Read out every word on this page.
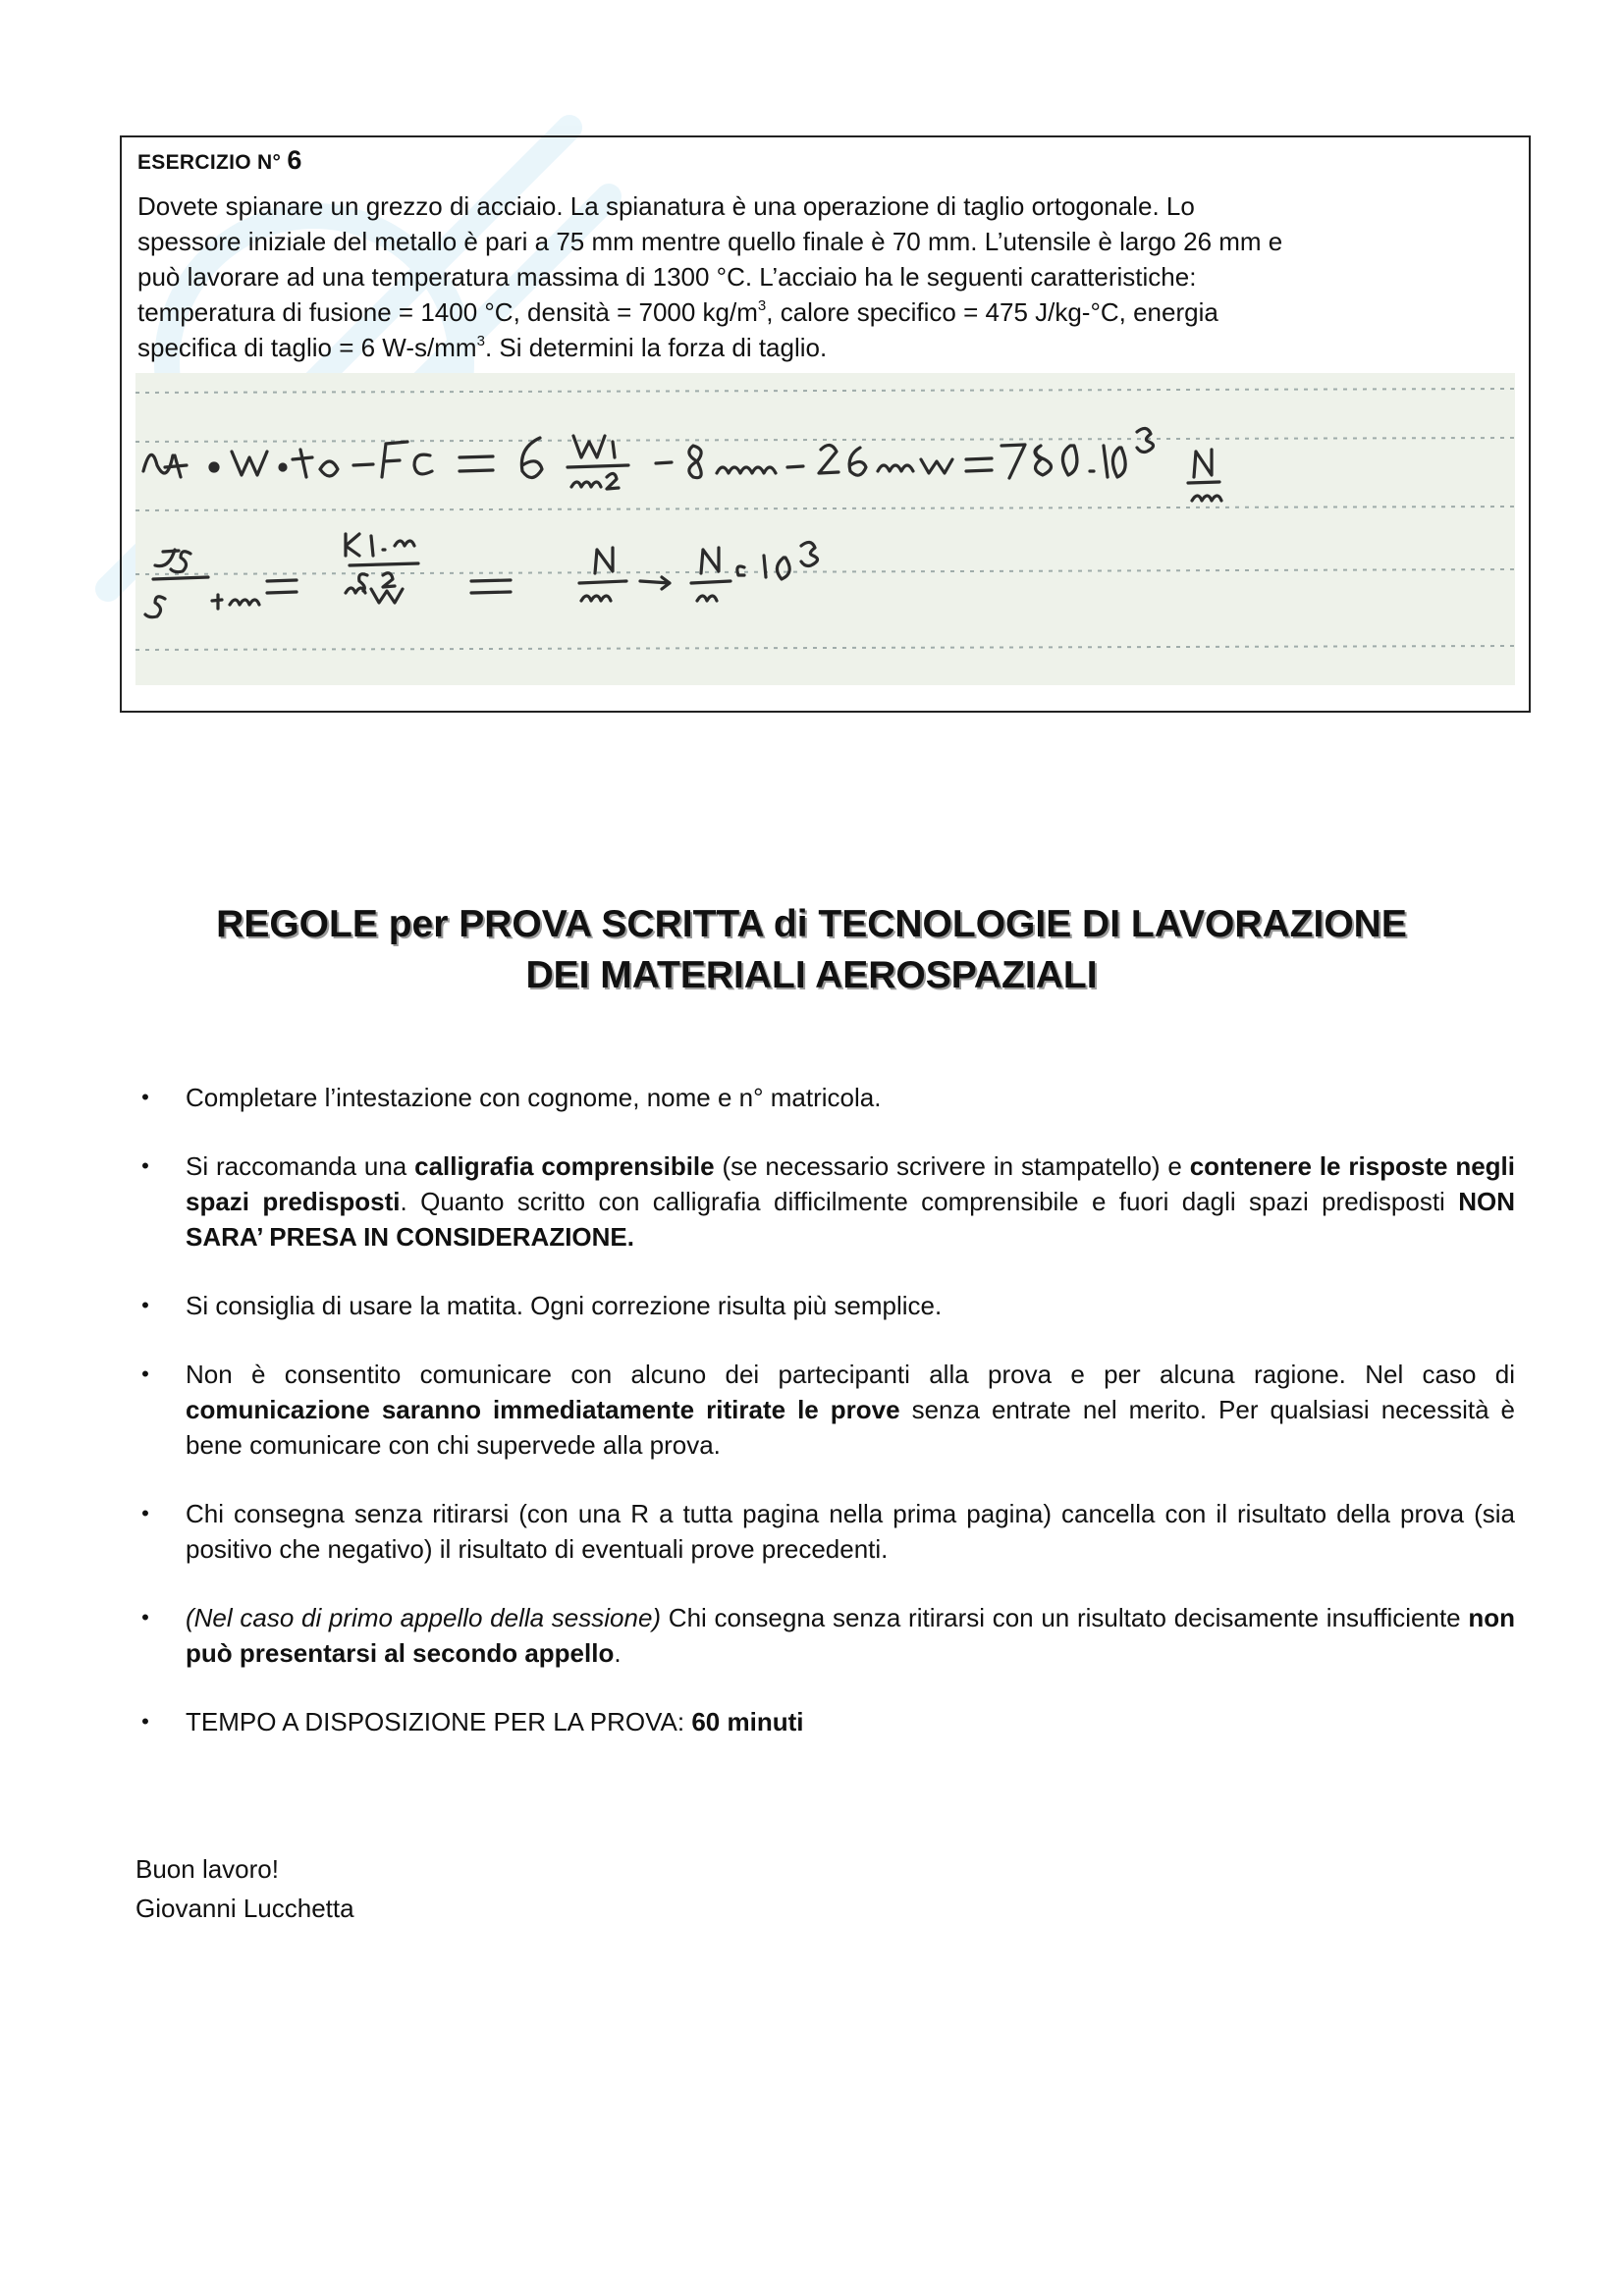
ESERCIZIO N° 6
Dovete spianare un grezzo di acciaio. La spianatura è una operazione di taglio ortogonale. Lo
spessore iniziale del metallo è pari a 75 mm mentre quello finale è 70 mm. L’utensile è largo 26 mm e
può lavorare ad una temperatura massima di 1300 °C. L’acciaio ha le seguenti caratteristiche:
temperatura di fusione = 1400 °C, densità = 7000 $kg/m^3$, calore specifico = 475 J/kg-°C, energia
specifica di taglio = 6 $W-s/mm^3$. Si determini la forza di taglio.
REGOLE per PROVA SCRITTA di TECNOLOGIE DI LAVORAZIONE
DEI MATERIALI AEROSPAZIALI
• Completare l’intestazione con cognome, nome e n° matricola.
• Si raccomanda una calligrafia comprensibile (se necessario scrivere in stampatello) e contenere le risposte negli spazi predisposti. Quanto scritto con calligrafia difficilmente comprensibile e fuori dagli spazi predisposti NON SARA’ PRESA IN CONSIDERAZIONE.
• Si consiglia di usare la matita. Ogni correzione risulta più semplice.
• Non è consentito comunicare con alcuno dei partecipanti alla prova e per alcuna ragione. Nel caso di comunicazione saranno immediatamente ritirate le prove senza entrate nel merito. Per qualsiasi necessità è bene comunicare con chi supervede alla prova.
• Chi consegna senza ritirarsi (con una R a tutta pagina nella prima pagina) cancella con il risultato della prova (sia positivo che negativo) il risultato di eventuali prove precedenti.
• (Nel caso di primo appello della sessione) Chi consegna senza ritirarsi con un risultato decisamente insufficiente non può presentarsi al secondo appello.
• TEMPO A DISPOSIZIONE PER LA PROVA: 60 minuti
Buon lavoro!
Giovanni Lucchetta
